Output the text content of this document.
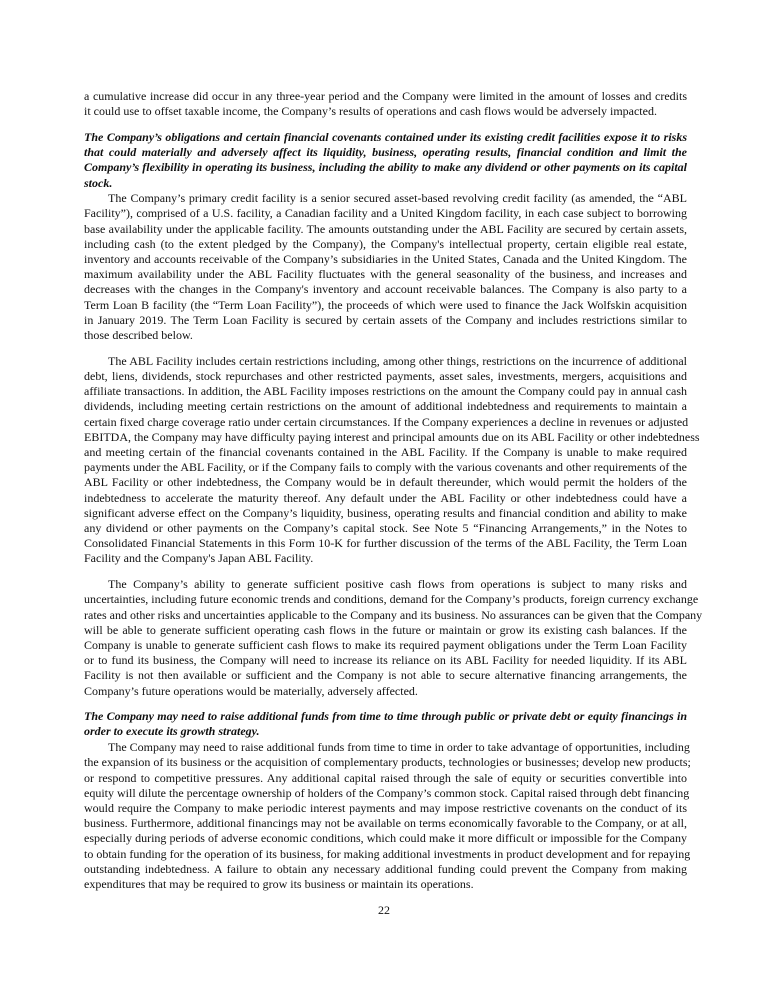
a cumulative increase did occur in any three-year period and the Company were limited in the amount of losses and credits
it could use to offset taxable income, the Company’s results of operations and cash flows would be adversely impacted.
The Company’s obligations and certain financial covenants contained under its existing credit facilities expose it to risks
that could materially and adversely affect its liquidity, business, operating results, financial condition and limit the
Company’s flexibility in operating its business, including the ability to make any dividend or other payments on its capital
stock.
The Company’s primary credit facility is a senior secured asset-based revolving credit facility (as amended, the “ABL
Facility”), comprised of a U.S. facility, a Canadian facility and a United Kingdom facility, in each case subject to borrowing
base availability under the applicable facility. The amounts outstanding under the ABL Facility are secured by certain assets,
including cash (to the extent pledged by the Company), the Company's intellectual property, certain eligible real estate,
inventory and accounts receivable of the Company’s subsidiaries in the United States, Canada and the United Kingdom. The
maximum availability under the ABL Facility fluctuates with the general seasonality of the business, and increases and
decreases with the changes in the Company's inventory and account receivable balances. The Company is also party to a
Term Loan B facility (the “Term Loan Facility”), the proceeds of which were used to finance the Jack Wolfskin acquisition
in January 2019. The Term Loan Facility is secured by certain assets of the Company and includes restrictions similar to
those described below.
The ABL Facility includes certain restrictions including, among other things, restrictions on the incurrence of additional
debt, liens, dividends, stock repurchases and other restricted payments, asset sales, investments, mergers, acquisitions and
affiliate transactions. In addition, the ABL Facility imposes restrictions on the amount the Company could pay in annual cash
dividends, including meeting certain restrictions on the amount of additional indebtedness and requirements to maintain a
certain fixed charge coverage ratio under certain circumstances. If the Company experiences a decline in revenues or adjusted
EBITDA, the Company may have difficulty paying interest and principal amounts due on its ABL Facility or other indebtedness
and meeting certain of the financial covenants contained in the ABL Facility. If the Company is unable to make required
payments under the ABL Facility, or if the Company fails to comply with the various covenants and other requirements of the
ABL Facility or other indebtedness, the Company would be in default thereunder, which would permit the holders of the
indebtedness to accelerate the maturity thereof. Any default under the ABL Facility or other indebtedness could have a
significant adverse effect on the Company’s liquidity, business, operating results and financial condition and ability to make
any dividend or other payments on the Company’s capital stock. See Note 5 “Financing Arrangements,” in the Notes to
Consolidated Financial Statements in this Form 10-K for further discussion of the terms of the ABL Facility, the Term Loan
Facility and the Company's Japan ABL Facility.
The Company’s ability to generate sufficient positive cash flows from operations is subject to many risks and
uncertainties, including future economic trends and conditions, demand for the Company’s products, foreign currency exchange
rates and other risks and uncertainties applicable to the Company and its business. No assurances can be given that the Company
will be able to generate sufficient operating cash flows in the future or maintain or grow its existing cash balances. If the
Company is unable to generate sufficient cash flows to make its required payment obligations under the Term Loan Facility
or to fund its business, the Company will need to increase its reliance on its ABL Facility for needed liquidity. If its ABL
Facility is not then available or sufficient and the Company is not able to secure alternative financing arrangements, the
Company’s future operations would be materially, adversely affected.
The Company may need to raise additional funds from time to time through public or private debt or equity financings in
order to execute its growth strategy.
The Company may need to raise additional funds from time to time in order to take advantage of opportunities, including
the expansion of its business or the acquisition of complementary products, technologies or businesses; develop new products;
or respond to competitive pressures. Any additional capital raised through the sale of equity or securities convertible into
equity will dilute the percentage ownership of holders of the Company’s common stock. Capital raised through debt financing
would require the Company to make periodic interest payments and may impose restrictive covenants on the conduct of its
business. Furthermore, additional financings may not be available on terms economically favorable to the Company, or at all,
especially during periods of adverse economic conditions, which could make it more difficult or impossible for the Company
to obtain funding for the operation of its business, for making additional investments in product development and for repaying
outstanding indebtedness. A failure to obtain any necessary additional funding could prevent the Company from making
expenditures that may be required to grow its business or maintain its operations.
22
